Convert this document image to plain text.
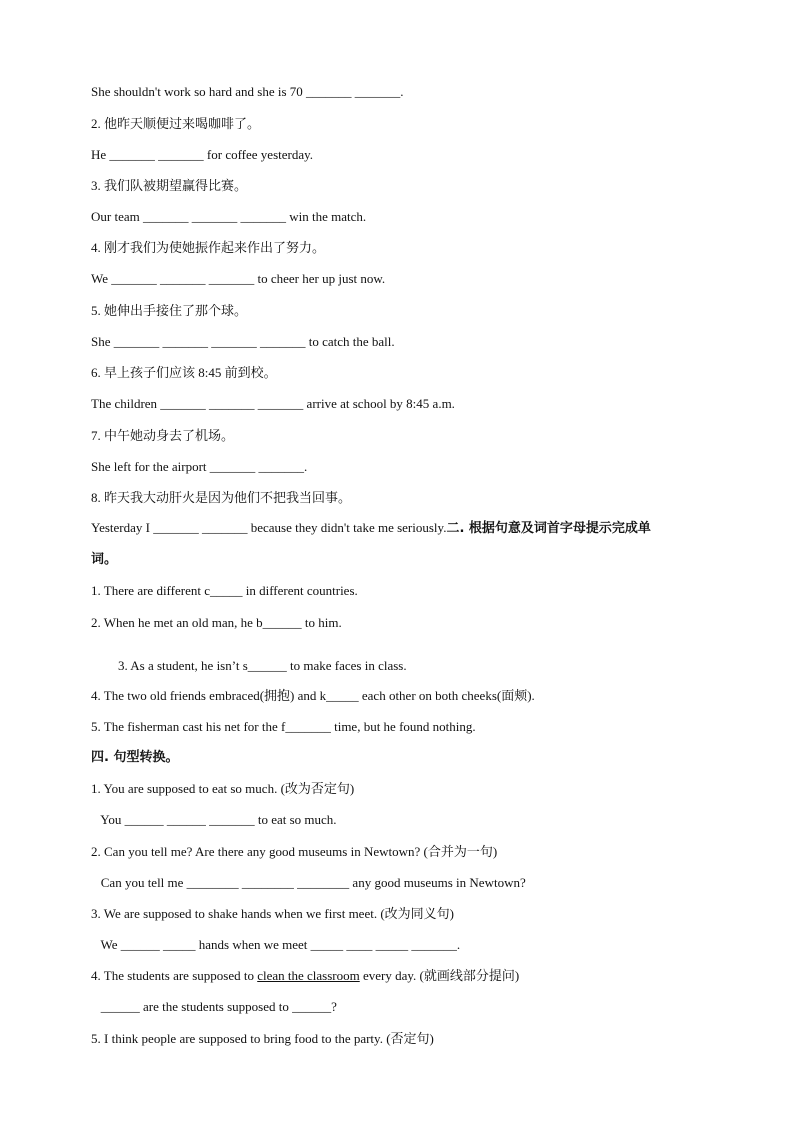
She shouldn't work so hard and she is 70 _______ _______.
2. 他昨天顺便过来喝咖啡了。
He _______ _______ for coffee yesterday.
3. 我们队被期望赢得比赛。
Our team _______ _______ _______ win the match.
4. 刚才我们为使她振作起来作出了努力。
We _______ _______ _______ to cheer her up just now.
5. 她伸出手接住了那个球。
She _______ _______ _______ _______ to catch the ball.
6. 早上孩子们应该 8:45 前到校。
The children _______ _______ _______ arrive at school by 8:45 a.m.
7. 中午她动身去了机场。
She left for the airport _______ _______.
8. 昨天我大动肝火是因为他们不把我当回事。
Yesterday I _______ _______ because they didn't take me seriously.二. 根据句意及词首字母提示完成单
词。
1. There are different c_____ in different countries.
2. When he met an old man, he b______ to him.
3. As a student, he isn’t s______ to make faces in class.
4. The two old friends embraced(拥抱) and k_____ each other on both cheeks(面颊).
5. The fisherman cast his net for the f_______ time, but he found nothing.
四. 句型转换。
1. You are supposed to eat so much. (改为否定句)
You ______ ______ _______ to eat so much.
2. Can you tell me? Are there any good museums in Newtown? (合并为一句)
Can you tell me ________ ________ ________ any good museums in Newtown?
3. We are supposed to shake hands when we first meet. (改为同义句)
We ______ _____ hands when we meet _____ ____ _____ _______.
4. The students are supposed to clean the classroom every day. (就画线部分提问)
______ are the students supposed to ______?
5. I think people are supposed to bring food to the party. (否定句)
